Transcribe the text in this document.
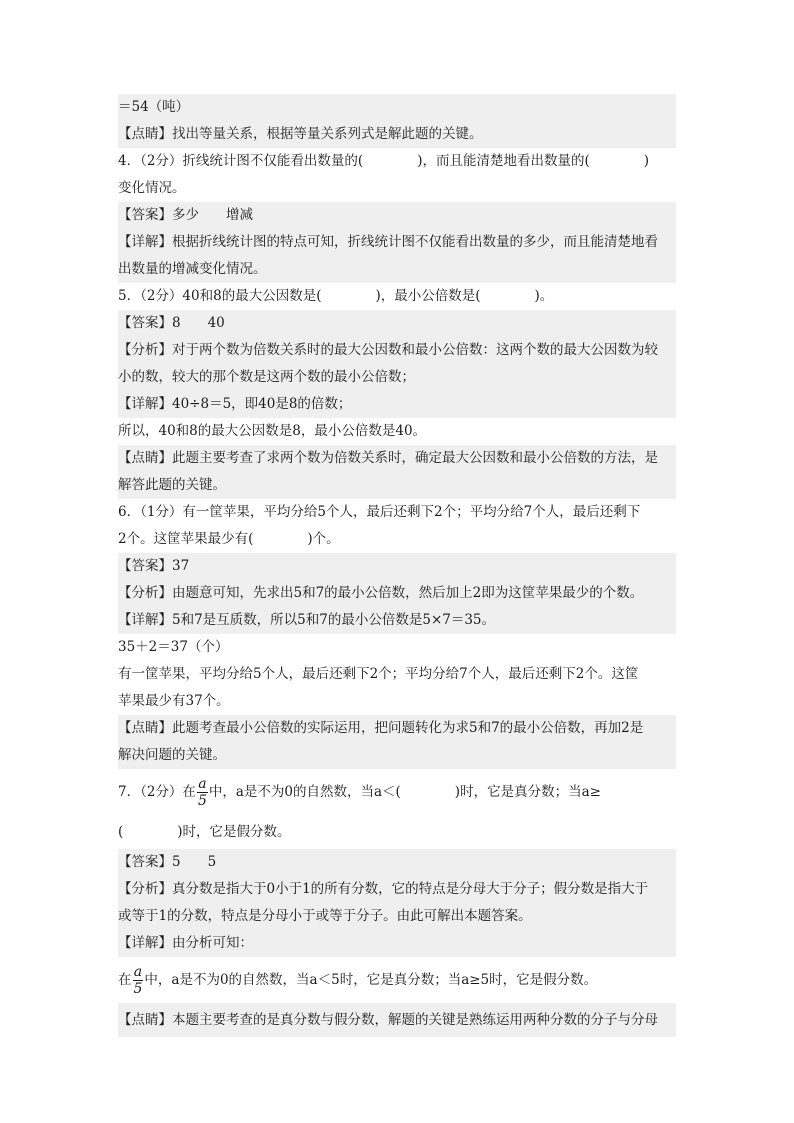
＝54（吨）
【点睛】找出等量关系，根据等量关系列式是解此题的关键。
4．（2分）折线统计图不仅能看出数量的(　　　　)，而且能清楚地看出数量的(　　　　)
变化情况。
【答案】多少　　增减
【详解】根据折线统计图的特点可知，折线统计图不仅能看出数量的多少，而且能清楚地看
出数量的增减变化情况。
5．（2分）40和8的最大公因数是(　　　　)，最小公倍数是(　　　　)。
【答案】8　　40
【分析】对于两个数为倍数关系时的最大公因数和最小公倍数：这两个数的最大公因数为较
小的数，较大的那个数是这两个数的最小公倍数；
【详解】40÷8＝5，即40是8的倍数；
所以，40和8的最大公因数是8，最小公倍数是40。
【点睛】此题主要考查了求两个数为倍数关系时，确定最大公因数和最小公倍数的方法，是
解答此题的关键。
6．（1分）有一筐苹果，平均分给5个人，最后还剩下2个；平均分给7个人，最后还剩下
2个。这筐苹果最少有(　　　　)个。
【答案】37
【分析】由题意可知，先求出5和7的最小公倍数，然后加上2即为这筐苹果最少的个数。
【详解】5和7是互质数，所以5和7的最小公倍数是5×7＝35。
35＋2＝37（个）
有一筐苹果，平均分给5个人，最后还剩下2个；平均分给7个人，最后还剩下2个。这筐
苹果最少有37个。
【点睛】此题考查最小公倍数的实际运用，把问题转化为求5和7的最小公倍数，再加2是
解决问题的关键。
7．（2分）在 $\frac{a}{5}$ 中，a是不为0的自然数，当a＜(　　　　)时，它是真分数；当a≥
(　　　　)时，它是假分数。
【答案】5　　5
【分析】真分数是指大于0小于1的所有分数，它的特点是分母大于分子；假分数是指大于
或等于1的分数，特点是分母小于或等于分子。由此可解出本题答案。
【详解】由分析可知：
在 $\frac{a}{5}$ 中，a是不为0的自然数，当a＜5时，它是真分数；当a≥5时，它是假分数。
【点睛】本题主要考查的是真分数与假分数，解题的关键是熟练运用两种分数的分子与分母
